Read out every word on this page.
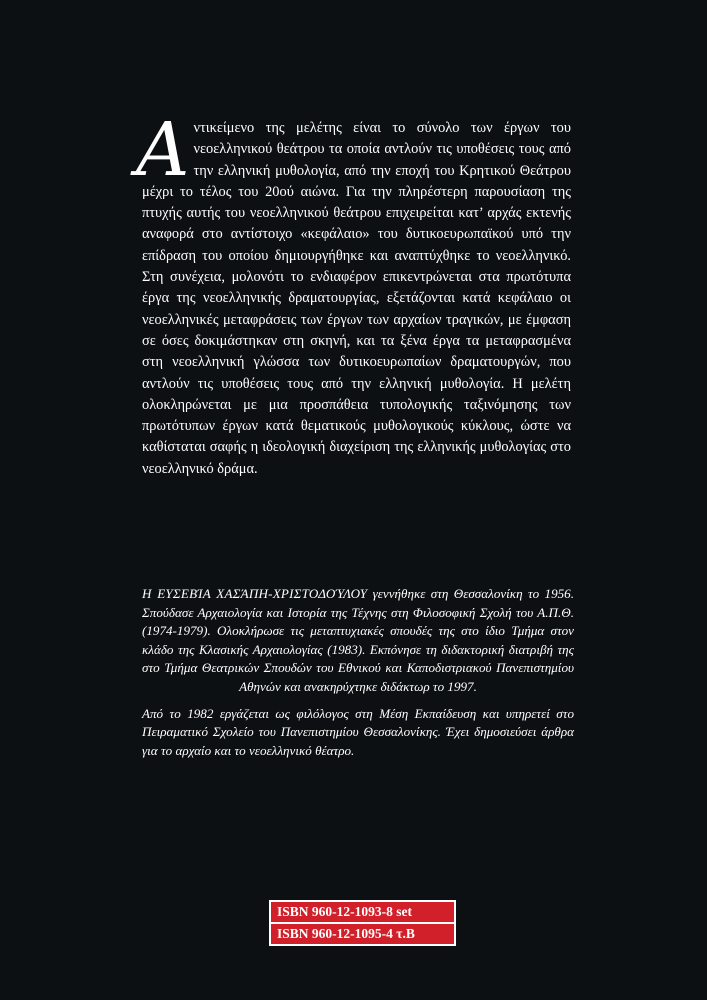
Αντικείμενο της μελέτης είναι το σύνολο των έργων του νεοελληνικού θεάτρου τα οποία αντλούν τις υποθέσεις τους από την ελληνική μυθολογία, από την εποχή του Κρητικού Θεάτρου μέχρι το τέλος του 20ού αιώνα. Για την πληρέστερη παρουσίαση της πτυχής αυτής του νεοελληνικού θεάτρου επιχειρείται κατ’ αρχάς εκτενής αναφορά στο αντίστοιχο «κεφάλαιο» του δυτικοευρωπαϊκού υπό την επίδραση του οποίου δημιουργήθηκε και αναπτύχθηκε το νεοελληνικό. Στη συνέχεια, μολονότι το ενδιαφέρον επικεντρώνεται στα πρωτότυπα έργα της νεοελληνικής δραματουργίας, εξετάζονται κατά κεφάλαιο οι νεοελληνικές μεταφράσεις των έργων των αρχαίων τραγικών, με έμφαση σε όσες δοκιμάστηκαν στη σκηνή, και τα ξένα έργα τα μεταφρασμένα στη νεοελληνική γλώσσα των δυτικοευρωπαίων δραματουργών, που αντλούν τις υποθέσεις τους από την ελληνική μυθολογία. Η μελέτη ολοκληρώνεται με μια προσπάθεια τυπολογικής ταξινόμησης των πρωτότυπων έργων κατά θεματικούς μυθολογικούς κύκλους, ώστε να καθίσταται σαφής η ιδεολογική διαχείριση της ελληνικής μυθολογίας στο νεοελληνικό δράμα.

Η ΕΥΣΕΒΊΑ ΧΑΣΆΠΗ-ΧΡΙΣΤΟΔΟΎΛΟΥ γεννήθηκε στη Θεσσαλονίκη το 1956. Σπούδασε Αρχαιολογία και Ιστορία της Τέχνης στη Φιλοσοφική Σχολή του Α.Π.Θ. (1974-1979). Ολοκλήρωσε τις μεταπτυχιακές σπουδές της στο ίδιο Τμήμα στον κλάδο της Κλασικής Αρχαιολογίας (1983). Εκπόνησε τη διδακτορική διατριβή της στο Τμήμα Θεατρικών Σπουδών του Εθνικού και Καποδιστριακού Πανεπιστημίου Αθηνών και ανακηρύχτηκε διδάκτωρ το 1997.

Από το 1982 εργάζεται ως φιλόλογος στη Μέση Εκπαίδευση και υπηρετεί στο Πειραματικό Σχολείο του Πανεπιστημίου Θεσσαλονίκης. Έχει δημοσιεύσει άρθρα για το αρχαίο και το νεοελληνικό θέατρο.

ISBN 960-12-1093-8 set
ISBN 960-12-1095-4 τ.Β
